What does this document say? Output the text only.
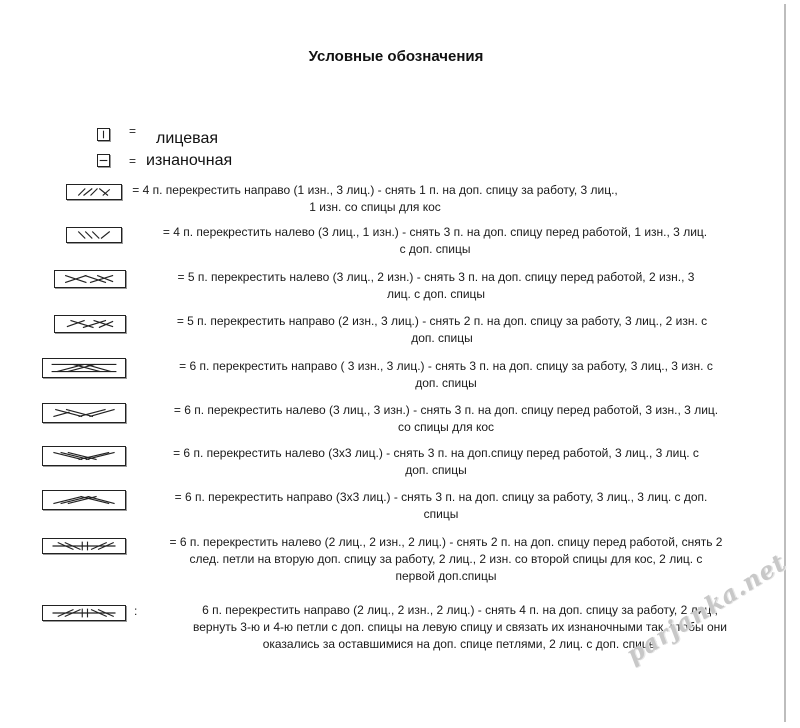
Условные обозначения
= лицевая
= изнаночная
= 4 п. перекрестить направо (1 изн., 3 лиц.) - снять 1 п. на доп. спицу за работу, 3 лиц.,
1 изн. со спицы для кос
= 4 п. перекрестить налево (3 лиц., 1 изн.) - снять 3 п. на доп. спицу перед работой, 1 изн., 3 лиц.
с доп. спицы
= 5 п. перекрестить налево (3 лиц., 2 изн.) - снять 3 п. на доп. спицу перед работой, 2 изн., 3
лиц. с доп. спицы
= 5 п. перекрестить направо (2 изн., 3 лиц.) - снять 2 п. на доп. спицу за работу, 3 лиц., 2 изн. с
доп. спицы
= 6 п. перекрестить направо ( 3 изн., 3 лиц.) - снять 3 п. на доп. спицу за работу, 3 лиц., 3 изн. с
доп. спицы
= 6 п. перекрестить налево (3 лиц., 3 изн.) - снять 3 п. на доп. спицу перед работой, 3 изн., 3 лиц.
со спицы для кос
= 6 п. перекрестить налево (3х3 лиц.) - снять 3 п. на доп.спицу перед работой, 3 лиц., 3 лиц. с
доп. спицы
= 6 п. перекрестить направо (3х3 лиц.) - снять 3 п. на доп. спицу за работу, 3 лиц., 3 лиц. с доп.
спицы
= 6 п. перекрестить налево (2 лиц., 2 изн., 2 лиц.) - снять 2 п. на доп. спицу перед работой, снять 2
след. петли на вторую доп. спицу за работу, 2 лиц., 2 изн. со второй спицы для кос, 2 лиц. с
первой доп.спицы
:	6 п. перекрестить направо (2 лиц., 2 изн., 2 лиц.) - снять 4 п. на доп. спицу за работу, 2 лиц.,
вернуть 3-ю и 4-ю петли с доп. спицы на левую спицу и связать их изнаночными так, чтобы они
оказались за оставшимися на доп. спице петлями, 2 лиц. с доп. спицы
parjanka.net
